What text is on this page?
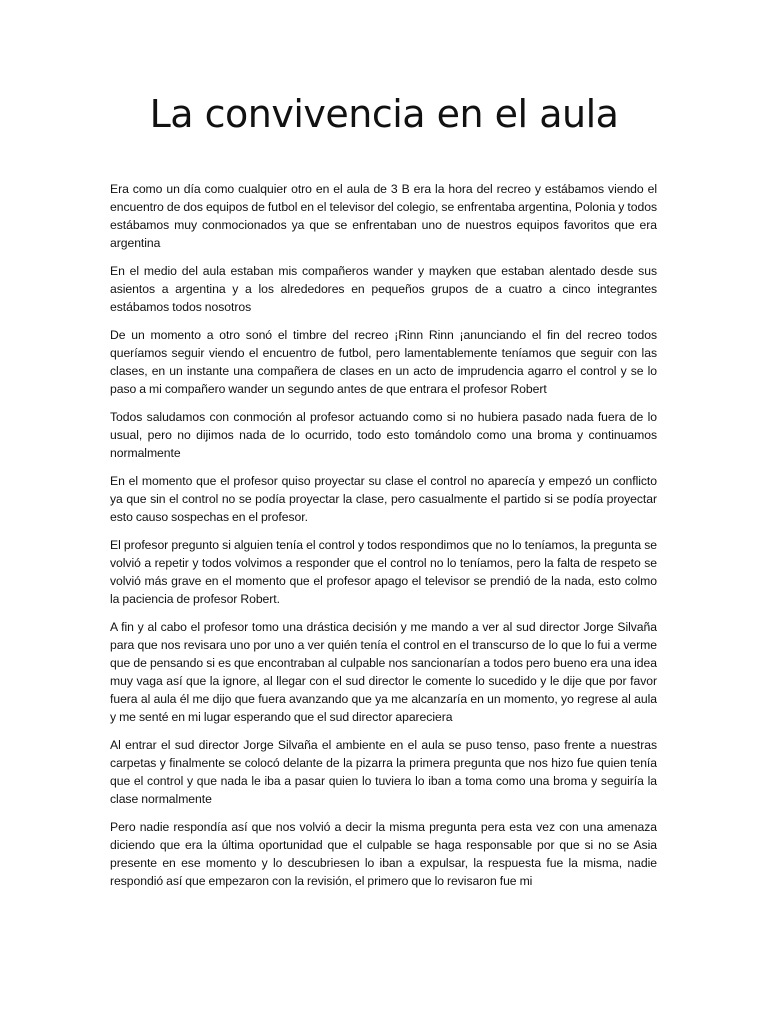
La convivencia en el aula

Era como un día como cualquier otro en el aula de 3 B era la hora del recreo y estábamos viendo el encuentro de dos equipos de futbol en el televisor del colegio, se enfrentaba argentina, Polonia y todos estábamos muy conmocionados ya que se enfrentaban uno de nuestros equipos favoritos que era argentina

En el medio del aula estaban mis compañeros wander y mayken que estaban alentado desde sus asientos a argentina y a los alrededores en pequeños grupos de a cuatro a cinco integrantes estábamos todos nosotros

De un momento a otro sonó el timbre del recreo ¡Rinn Rinn ¡anunciando el fin del recreo todos queríamos seguir viendo el encuentro de futbol, pero lamentablemente teníamos que seguir con las clases, en un instante una compañera de clases en un acto de imprudencia agarro el control y se lo paso a mi compañero wander un segundo antes de que entrara el profesor Robert

Todos saludamos con conmoción al profesor actuando como si no hubiera pasado nada fuera de lo usual, pero no dijimos nada de lo ocurrido, todo esto tomándolo como una broma y continuamos normalmente

En el momento que el profesor quiso proyectar su clase el control no aparecía y empezó un conflicto ya que sin el control no se podía proyectar la clase, pero casualmente el partido si se podía proyectar esto causo sospechas en el profesor.

El profesor pregunto si alguien tenía el control y todos respondimos que no lo teníamos, la pregunta se volvió a repetir y todos volvimos a responder que el control no lo teníamos, pero la falta de respeto se volvió más grave en el momento que el profesor apago el televisor se prendió de la nada, esto colmo la paciencia de profesor Robert.

A fin y al cabo el profesor tomo una drástica decisión y me mando a ver al sud director Jorge Silvaña para que nos revisara uno por uno a ver quién tenía el control en el transcurso de lo que lo fui a verme que de pensando si es que encontraban al culpable nos sancionarían a todos pero bueno era una idea muy vaga así que la ignore, al llegar con el sud director le comente lo sucedido y le dije que por favor fuera al aula él me dijo que fuera avanzando que ya me alcanzaría en un momento, yo regrese al aula y me senté en mi lugar esperando que el sud director apareciera

Al entrar el sud director Jorge Silvaña el ambiente en el aula se puso tenso, paso frente a nuestras carpetas y finalmente se colocó delante de la pizarra la primera pregunta que nos hizo fue quien tenía que el control y que nada le iba a pasar quien lo tuviera lo iban a toma como una broma y seguiría la clase normalmente

Pero nadie respondía así que nos volvió a decir la misma pregunta pera esta vez con una amenaza diciendo que era la última oportunidad que el culpable se haga responsable por que si no se Asia presente en ese momento y lo descubriesen lo iban a expulsar, la respuesta fue la misma, nadie respondió así que empezaron con la revisión, el primero que lo revisaron fue mi
